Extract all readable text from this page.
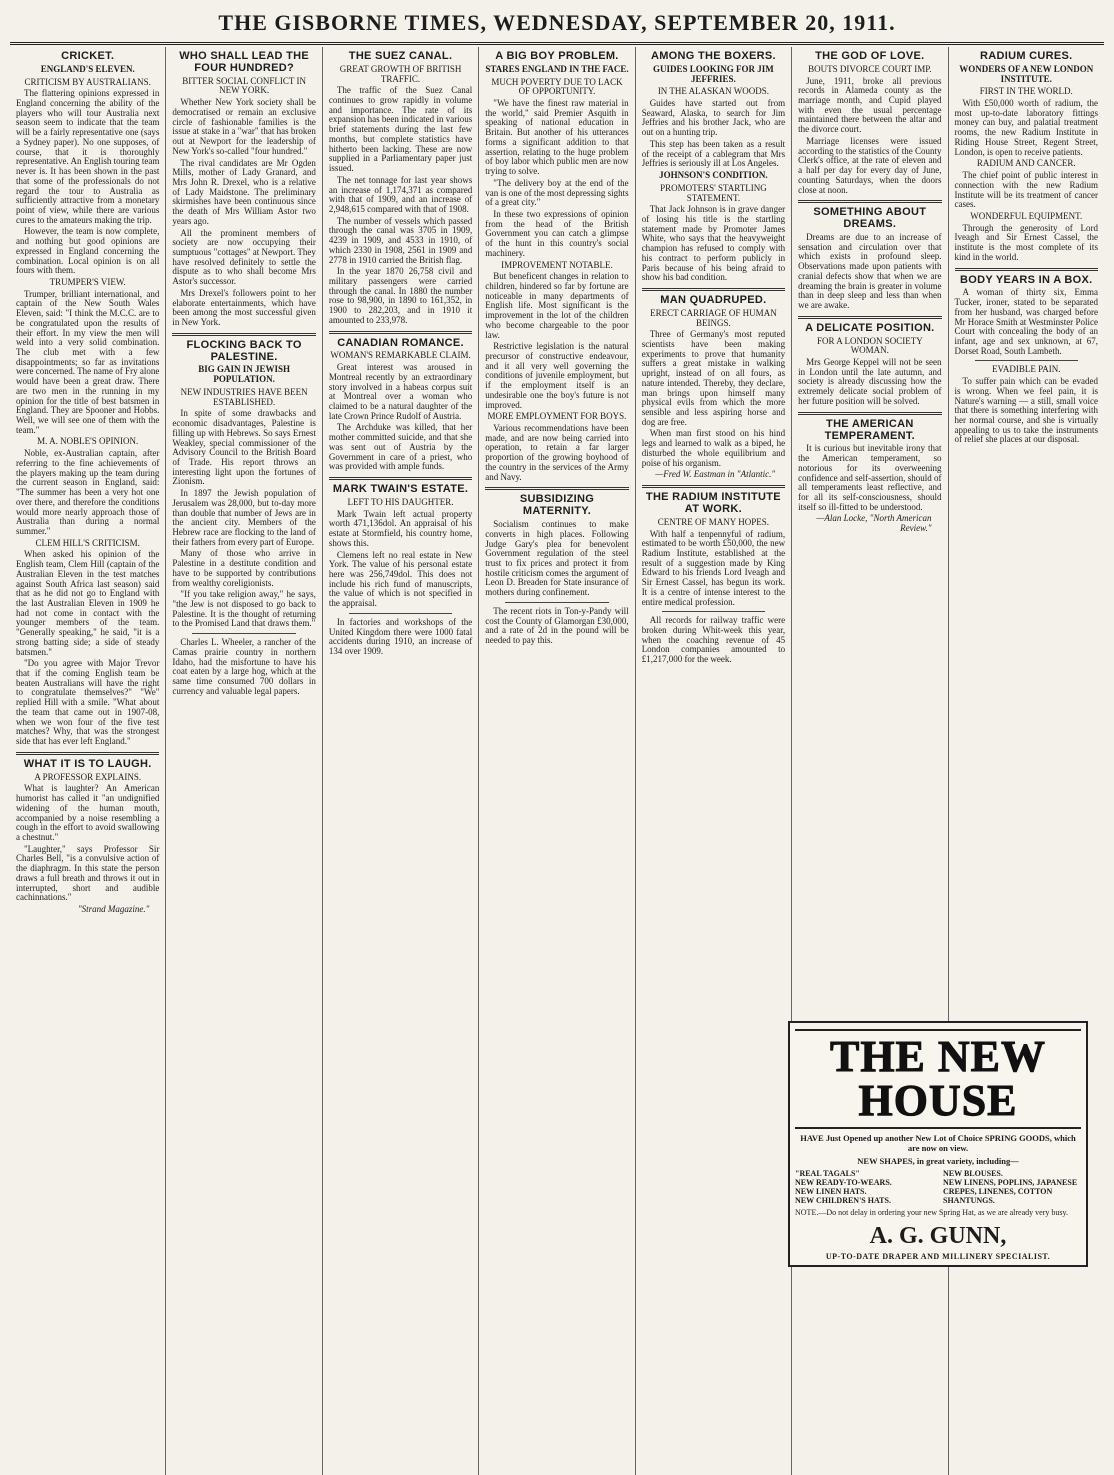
THE GISBORNE TIMES, WEDNESDAY, SEPTEMBER 20, 1911.
CRICKET.
ENGLAND'S ELEVEN.
CRITICISM BY AUSTRALIANS.

The flattering opinions expressed in England concerning the ability of the players who will tour Australia next season seem to indicate that the team will be a fairly representative one (says a Sydney paper). No one supposes, of course, that it is thoroughly representative. An English touring team never is. It has been shown in the past that some of the professionals do not regard the tour to Australia as sufficiently attractive from a monetary point of view, while there are various cures to the amateurs making the trip.

However, the team is now complete, and nothing but good opinions are expressed in England concerning the combination. Local opinion is on all fours with them.

TRUMPER'S VIEW.

Trumper, brilliant international, and captain of the New South Wales Eleven, said: "I think the M.C.C. are to be congratulated upon the results of their effort. In my view the men will weld into a very solid combination. The club met with a few disappointments; so far as invitations were concerned. The name of Fry alone would have been a great draw. There are two men in the running in my opinion for the title of best batsmen in England. They are Spooner and Hobbs. Well, we will see one of them with the team."

M. A. NOBLE'S OPINION.

Noble, ex-Australian captain, after referring to the fine achievements of the players making up the team during the current season in England, said: "The summer has been a very hot one over there, and therefore the conditions would more nearly approach those of Australia than during a normal summer."

CLEM HILL'S CRITICISM.

When asked his opinion of the English team, Clem Hill (captain of the Australian Eleven in the test matches against South Africa last season) said that as he did not go to England with the last Australian Eleven in 1909 he had not come in contact with the younger members of the team. "Generally speaking," he said, "it is a strong batting side; a side of steady batsmen."

"Do you agree with Major Trevor that if the coming English team be beaten Australians will have the right to congratulate themselves?" "We" replied Hill with a smile. "What about the team that came out in 1907-08, when we won four of the five test matches? Why, that was the strongest side that has ever left England."

WHAT IT IS TO LAUGH.
A PROFESSOR EXPLAINS.

What is laughter? An American humorist has called it "an undignified widening of the human mouth, accompanied by a noise resembling a cough in the effort to avoid swallowing a chestnut."

"Laughter," says Professor Sir Charles Bell, "is a convulsive action of the diaphragm. In this state the person draws a full breath and throws it out in interrupted, short and audible cachinnations."

"Strand Magazine."
WHO SHALL LEAD THE FOUR HUNDRED?
BITTER SOCIAL CONFLICT IN NEW YORK.

Whether New York society shall be democratised or remain an exclusive circle of fashionable families is the issue at stake in a "war" that has broken out at Newport for the leadership of New York's so-called "four hundred."

The rival candidates are Mr Ogden Mills, mother of Lady Granard, and Mrs John R. Drexel, who is a relative of Lady Maidstone. The preliminary skirmishes have been continuous since the death of Mrs William Astor two years ago.

All the prominent members of society are now occupying their sumptuous "cottages" at Newport. They have resolved definitely to settle the dispute as to who shall become Mrs Astor's successor.

Mrs Drexel's followers point to her elaborate entertainments, which have been among the most successful given in New York.

FLOCKING BACK TO PALESTINE.
BIG GAIN IN JEWISH POPULATION.
NEW INDUSTRIES HAVE BEEN ESTABLISHED.

In spite of some drawbacks and economic disadvantages, Palestine is filling up with Hebrews. So says Ernest Weakley, special commissioner of the Advisory Council to the British Board of Trade. His report throws an interesting light upon the fortunes of Zionism.

In 1897 the Jewish population of Jerusalem was 28,000, but to-day more than double that number of Jews are in the ancient city. Members of the Hebrew race are flocking to the land of their fathers from every part of Europe.

Many of those who arrive in Palestine in a destitute condition and have to be supported by contributions from wealthy coreligionists.

"If you take religion away," he says, "the Jew is not disposed to go back to Palestine. It is the thought of returning to the Promised Land that draws them."

Charles L. Wheeler, a rancher of the Camas prairie country in northern Idaho, had the misfortune to have his coat eaten by a large hog, which at the same time consumed 700 dollars in currency and valuable legal papers.

THE SUEZ CANAL.
GREAT GROWTH OF BRITISH TRAFFIC.

The traffic of the Suez Canal continues to grow rapidly in volume and importance. The rate of its expansion has been indicated in various brief statements during the last few months, but complete statistics have hitherto been lacking. These are now supplied in a Parliamentary paper just issued.

The net tonnage for last year shows an increase of 1,174,371 as compared with that of 1909, and an increase of 2,948,615 compared with that of 1908.

The number of vessels which passed through the canal was 3705 in 1909, 4239 in 1909, and 4533 in 1910, of which 2330 in 1908, 2561 in 1909 and 2778 in 1910 carried the British flag.

In the year 1870 26,758 civil and military passengers were carried through the canal. In 1880 the number rose to 98,900, in 1890 to 161,352, in 1900 to 282,203, and in 1910 it amounted to 233,978.

CANADIAN ROMANCE.
WOMAN'S REMARKABLE CLAIM.

Great interest was aroused in Montreal recently by an extraordinary story involved in a habeas corpus suit at Montreal over a woman who claimed to be a natural daughter of the late Crown Prince Rudolf of Austria.

The Archduke was killed, that her mother committed suicide, and that she was sent out of Austria by the Government in care of a priest, who was provided with ample funds.

MARK TWAIN'S ESTATE.
LEFT TO HIS DAUGHTER.

Mark Twain left actual property worth 471,136dol. An appraisal of his estate at Stormfield, his country home, shows this.

Clemens left no real estate in New York. The value of his personal estate here was 256,749dol. This does not include his rich fund of manuscripts, the value of which is not specified in the appraisal.

In factories and workshops of the United Kingdom there were 1000 fatal accidents during 1910, an increase of 134 over 1909.

A BIG BOY PROBLEM.
STARES ENGLAND IN THE FACE.
MUCH POVERTY DUE TO LACK OF OPPORTUNITY.

"We have the finest raw material in the world," said Premier Asquith in speaking of national education in Britain. But another of his utterances forms a significant addition to that assertion, relating to the huge problem of boy labor which public men are now trying to solve.

"The delivery boy at the end of the van is one of the most depressing sights of a great city."

In these two expressions of opinion from the head of the British Government you can catch a glimpse of the hunt in this country's social machinery.

IMPROVEMENT NOTABLE.

But beneficent changes in relation to children, hindered so far by fortune are noticeable in many departments of English life. Most significant is the improvement in the lot of the children who become chargeable to the poor law.

Restrictive legislation is the natural precursor of constructive endeavour, and it all very well governing the conditions of juvenile employment, but if the employment itself is an undesirable one the boy's future is not improved.

MORE EMPLOYMENT FOR BOYS.

Various recommendations have been made, and are now being carried into operation, to retain a far larger proportion of the growing boyhood of the country in the services of the Army and Navy.

SUBSIDIZING MATERNITY.

Socialism continues to make converts in high places. Following Judge Gary's plea for benevolent Government regulation of the steel trust to fix prices and protect it from hostile criticism comes the argument of Leon D. Breaden for State insurance of mothers during confinement.

The recent riots in Ton-y-Pandy will cost the County of Glamorgan £30,000, and a rate of 2d in the pound will be needed to pay this.

AMONG THE BOXERS.
GUIDES LOOKING FOR JIM JEFFRIES.
IN THE ALASKAN WOODS.

Guides have started out from Seaward, Alaska, to search for Jim Jeffries and his brother Jack, who are out on a hunting trip.

This step has been taken as a result of the receipt of a cablegram that Mrs Jeffries is seriously ill at Los Angeles.

JOHNSON'S CONDITION.
PROMOTERS' STARTLING STATEMENT.

That Jack Johnson is in grave danger of losing his title is the startling statement made by Promoter James White, who says that the heavyweight champion has refused to comply with his contract to perform publicly in Paris because of his being afraid to show his bad condition.

MAN QUADRUPED.
ERECT CARRIAGE OF HUMAN BEINGS.

Three of Germany's most reputed scientists have been making experiments to prove that humanity suffers a great mistake in walking upright, instead of on all fours, as nature intended. Thereby, they declare, man brings upon himself many physical evils from which the more sensible and less aspiring horse and dog are free.

When man first stood on his hind legs and learned to walk as a biped, he disturbed the whole equilibrium and poise of his organism.

—Fred W. Eastman in "Atlantic."
THE RADIUM INSTITUTE AT WORK.
CENTRE OF MANY HOPES.

With half a tenpennyful of radium, estimated to be worth £50,000, the new Radium Institute, established at the result of a suggestion made by King Edward to his friends Lord Iveagh and Sir Ernest Cassel, has begun its work. It is a centre of intense interest to the entire medical profession.

All records for railway traffic were broken during Whit-week this year, when the coaching revenue of 45 London companies amounted to £1,217,000 for the week.

THE GOD OF LOVE.
BOUTS DIVORCE COURT IMP.

June, 1911, broke all previous records in Alameda county as the marriage month, and Cupid played with even the usual percentage maintained there between the altar and the divorce court.

Marriage licenses were issued according to the statistics of the County Clerk's office, at the rate of eleven and a half per day for every day of June, counting Saturdays, when the doors close at noon.

SOMETHING ABOUT DREAMS.

Dreams are due to an increase of sensation and circulation over that which exists in profound sleep. Observations made upon patients with cranial defects show that when we are dreaming the brain is greater in volume than in deep sleep and less than when we are awake.

A DELICATE POSITION.
FOR A LONDON SOCIETY WOMAN.

Mrs George Keppel will not be seen in London until the late autumn, and society is already discussing how the extremely delicate social problem of her future position will be solved.

THE AMERICAN TEMPERAMENT.

It is curious but inevitable irony that the American temperament, so notorious for its overweening confidence and self-assertion, should of all temperaments least reflective, and for all its self-consciousness, should itself so ill-fitted to be understood.

—Alan Locke, "North American Review."
RADIUM CURES.
WONDERS OF A NEW LONDON INSTITUTE.
FIRST IN THE WORLD.

With £50,000 worth of radium, the most up-to-date laboratory fittings money can buy, and palatial treatment rooms, the new Radium Institute in Riding House Street, Regent Street, London, is open to receive patients.

RADIUM AND CANCER.

The chief point of public interest in connection with the new Radium Institute will be its treatment of cancer cases.

WONDERFUL EQUIPMENT.

Through the generosity of Lord Iveagh and Sir Ernest Cassel, the institute is the most complete of its kind in the world.

BODY YEARS IN A BOX.

A woman of thirty six, Emma Tucker, ironer, stated to be separated from her husband, was charged before Mr Horace Smith at Westminster Police Court with concealing the body of an infant, age and sex unknown, at 67, Dorset Road, South Lambeth.

EVADIBLE PAIN.

To suffer pain which can be evaded is wrong. When we feel pain, it is Nature's warning — a still, small voice that there is something interfering with her normal course, and she is virtually appealing to us to take the instruments of relief she places at our disposal.

THE NEW HOUSE
HAVE Just Opened up another New Lot of Choice SPRING GOODS, which are now on view.
NEW SHAPES, in great variety, including—
"REAL TAGALS"
NEW READY-TO-WEARS.
NEW LINEN HATS.
NEW CHILDREN'S HATS.
NEW BLOUSES.
NEW LINENS, POPLINS, JAPANESE CREPES, LINENES, COTTON SHANTUNGS.
NOTE.—Do not delay in ordering your new Spring Hat, as we are already very busy.
A. G. GUNN,
UP-TO-DATE DRAPER AND MILLINERY SPECIALIST.
